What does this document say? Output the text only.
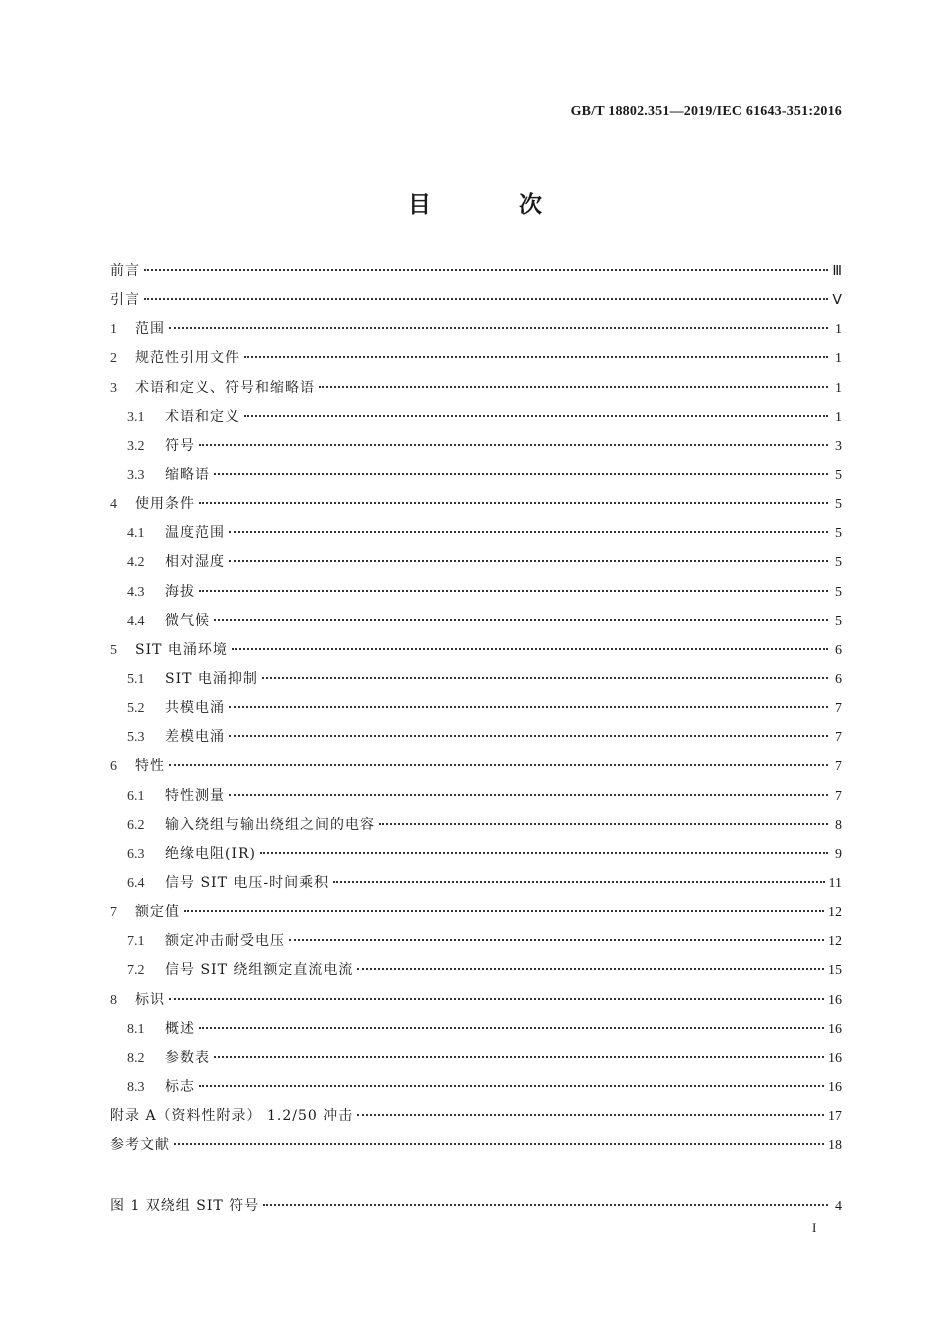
GB/T 18802.351—2019/IEC 61643-351:2016
目 次
前言	Ⅲ
引言	Ⅴ
1	范围	1
2	规范性引用文件	1
3	术语和定义、符号和缩略语	1
3.1	术语和定义	1
3.2	符号	3
3.3	缩略语	5
4	使用条件	5
4.1	温度范围	5
4.2	相对湿度	5
4.3	海拔	5
4.4	微气候	5
5	SIT 电涌环境	6
5.1	SIT 电涌抑制	6
5.2	共模电涌	7
5.3	差模电涌	7
6	特性	7
6.1	特性测量	7
6.2	输入绕组与输出绕组之间的电容	8
6.3	绝缘电阻(IR)	9
6.4	信号 SIT 电压-时间乘积	11
7	额定值	12
7.1	额定冲击耐受电压	12
7.2	信号 SIT 绕组额定直流电流	15
8	标识	16
8.1	概述	16
8.2	参数表	16
8.3	标志	16
附录 A（资料性附录） 1.2/50 冲击	17
参考文献	18
图 1 双绕组 SIT 符号	4
I
